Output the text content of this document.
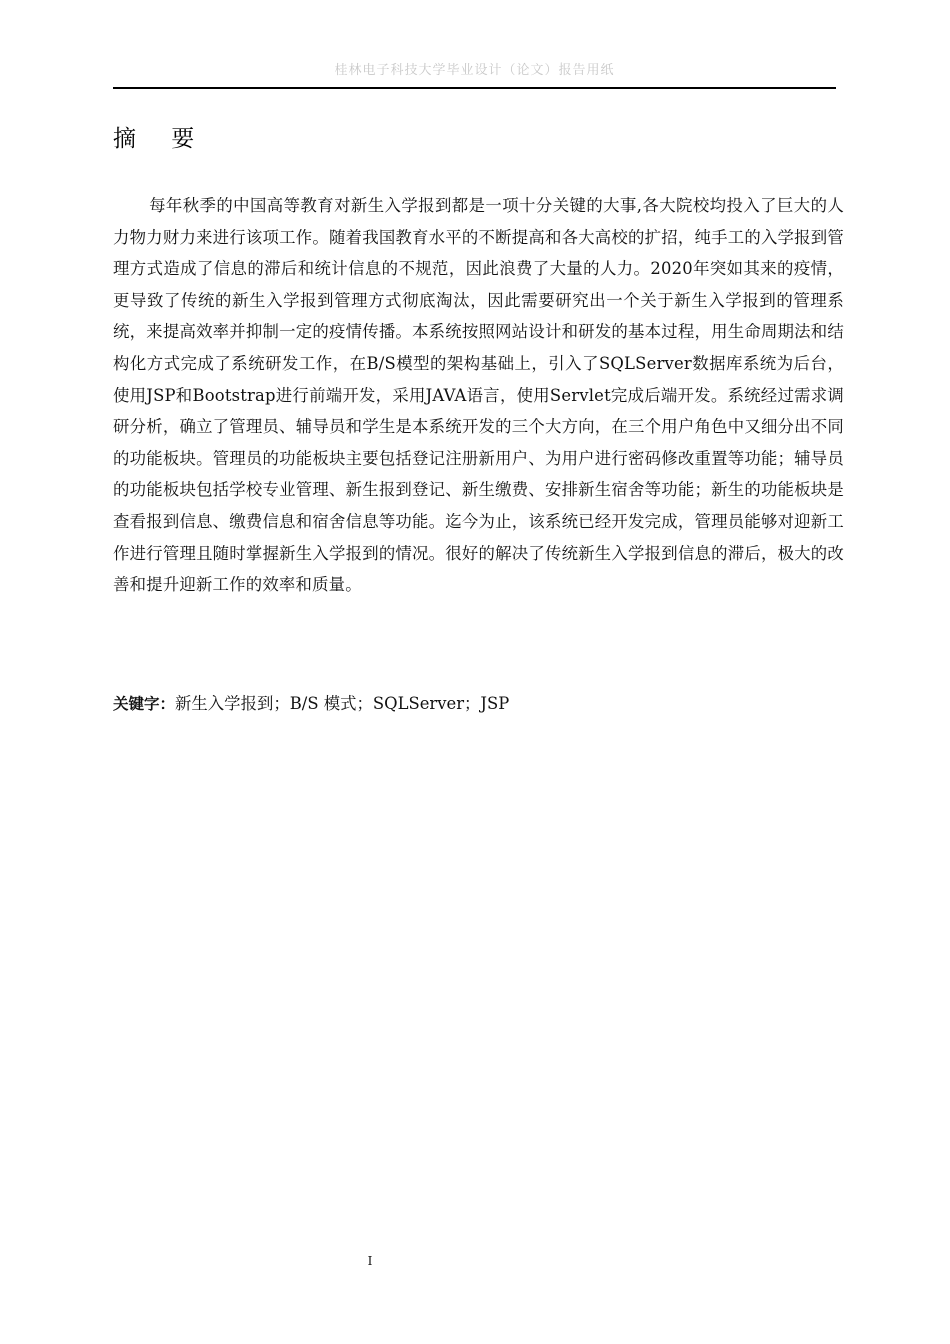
桂林电子科技大学毕业设计（论文）报告用纸
摘 要

每年秋季的中国高等教育对新生入学报到都是一项十分关键的大事,各大院校均投入了巨大的人力物力财力来进行该项工作。随着我国教育水平的不断提高和各大高校的扩招，纯手工的入学报到管理方式造成了信息的滞后和统计信息的不规范，因此浪费了大量的人力。2020年突如其来的疫情，更导致了传统的新生入学报到管理方式彻底淘汰，因此需要研究出一个关于新生入学报到的管理系统，来提高效率并抑制一定的疫情传播。本系统按照网站设计和研发的基本过程，用生命周期法和结构化方式完成了系统研发工作，在B/S模型的架构基础上，引入了SQLServer数据库系统为后台，使用JSP和Bootstrap进行前端开发，采用JAVA语言，使用Servlet完成后端开发。系统经过需求调研分析，确立了管理员、辅导员和学生是本系统开发的三个大方向，在三个用户角色中又细分出不同的功能板块。管理员的功能板块主要包括登记注册新用户、为用户进行密码修改重置等功能；辅导员的功能板块包括学校专业管理、新生报到登记、新生缴费、安排新生宿舍等功能；新生的功能板块是查看报到信息、缴费信息和宿舍信息等功能。迄今为止，该系统已经开发完成，管理员能够对迎新工作进行管理且随时掌握新生入学报到的情况。很好的解决了传统新生入学报到信息的滞后，极大的改善和提升迎新工作的效率和质量。

关键字：新生入学报到；B/S 模式；SQLServer；JSP
I
